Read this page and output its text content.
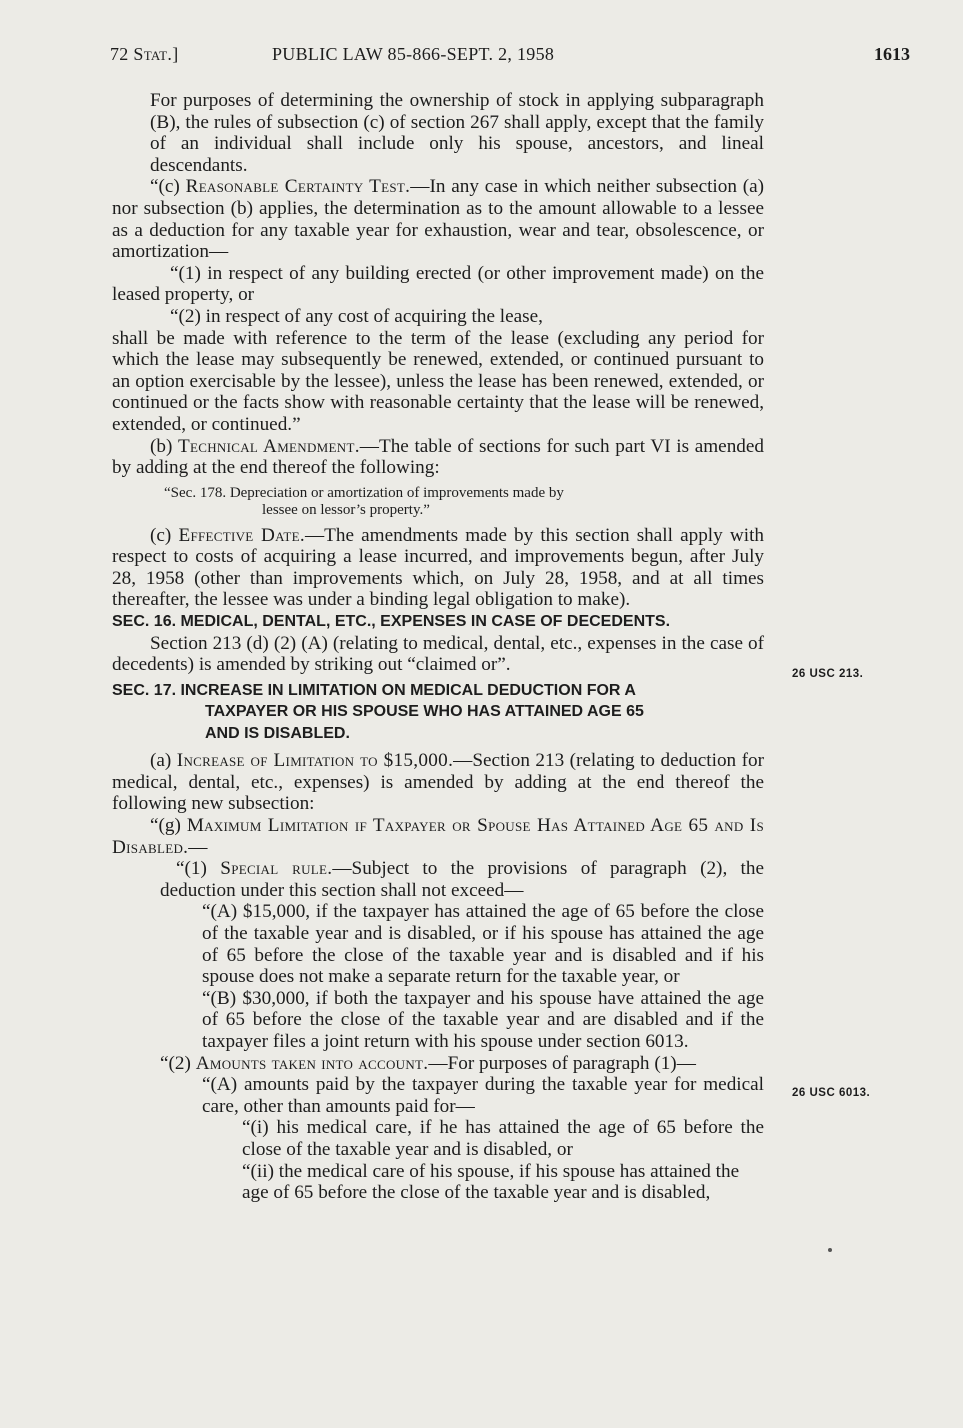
72 Stat.]	PUBLIC LAW 85-866-SEPT. 2, 1958	1613

For purposes of determining the ownership of stock in applying subparagraph (B), the rules of subsection (c) of section 267 shall apply, except that the family of an individual shall include only his spouse, ancestors, and lineal descendants.

“(c) Reasonable Certainty Test.—In any case in which neither subsection (a) nor subsection (b) applies, the determination as to the amount allowable to a lessee as a deduction for any taxable year for exhaustion, wear and tear, obsolescence, or amortization—

“(1) in respect of any building erected (or other improvement made) on the leased property, or

“(2) in respect of any cost of acquiring the lease,

shall be made with reference to the term of the lease (excluding any period for which the lease may subsequently be renewed, extended, or continued pursuant to an option exercisable by the lessee), unless the lease has been renewed, extended, or continued or the facts show with reasonable certainty that the lease will be renewed, extended, or continued.”

(b) Technical Amendment.—The table of sections for such part VI is amended by adding at the end thereof the following:

“Sec. 178. Depreciation or amortization of improvements made by
lessee on lessor’s property.”

(c) Effective Date.—The amendments made by this section shall apply with respect to costs of acquiring a lease incurred, and improvements begun, after July 28, 1958 (other than improvements which, on July 28, 1958, and at all times thereafter, the lessee was under a binding legal obligation to make).

SEC. 16. MEDICAL, DENTAL, ETC., EXPENSES IN CASE OF DECEDENTS.

Section 213 (d) (2) (A) (relating to medical, dental, etc., expenses in the case of decedents) is amended by striking out “claimed or”.

SEC. 17. INCREASE IN LIMITATION ON MEDICAL DEDUCTION FOR A
TAXPAYER OR HIS SPOUSE WHO HAS ATTAINED AGE 65
AND IS DISABLED.

(a) Increase of Limitation to $15,000.—Section 213 (relating to deduction for medical, dental, etc., expenses) is amended by adding at the end thereof the following new subsection:

“(g) Maximum Limitation if Taxpayer or Spouse Has Attained Age 65 and Is Disabled.—

“(1) Special rule.—Subject to the provisions of paragraph (2), the deduction under this section shall not exceed—

“(A) $15,000, if the taxpayer has attained the age of 65 before the close of the taxable year and is disabled, or if his spouse has attained the age of 65 before the close of the taxable year and is disabled and if his spouse does not make a separate return for the taxable year, or

“(B) $30,000, if both the taxpayer and his spouse have attained the age of 65 before the close of the taxable year and are disabled and if the taxpayer files a joint return with his spouse under section 6013.

“(2) Amounts taken into account.—For purposes of paragraph (1)—

“(A) amounts paid by the taxpayer during the taxable year for medical care, other than amounts paid for—

“(i) his medical care, if he has attained the age of 65 before the close of the taxable year and is disabled, or

“(ii) the medical care of his spouse, if his spouse has attained the age of 65 before the close of the taxable year and is disabled,

26 USC 213.
26 USC 6013.
